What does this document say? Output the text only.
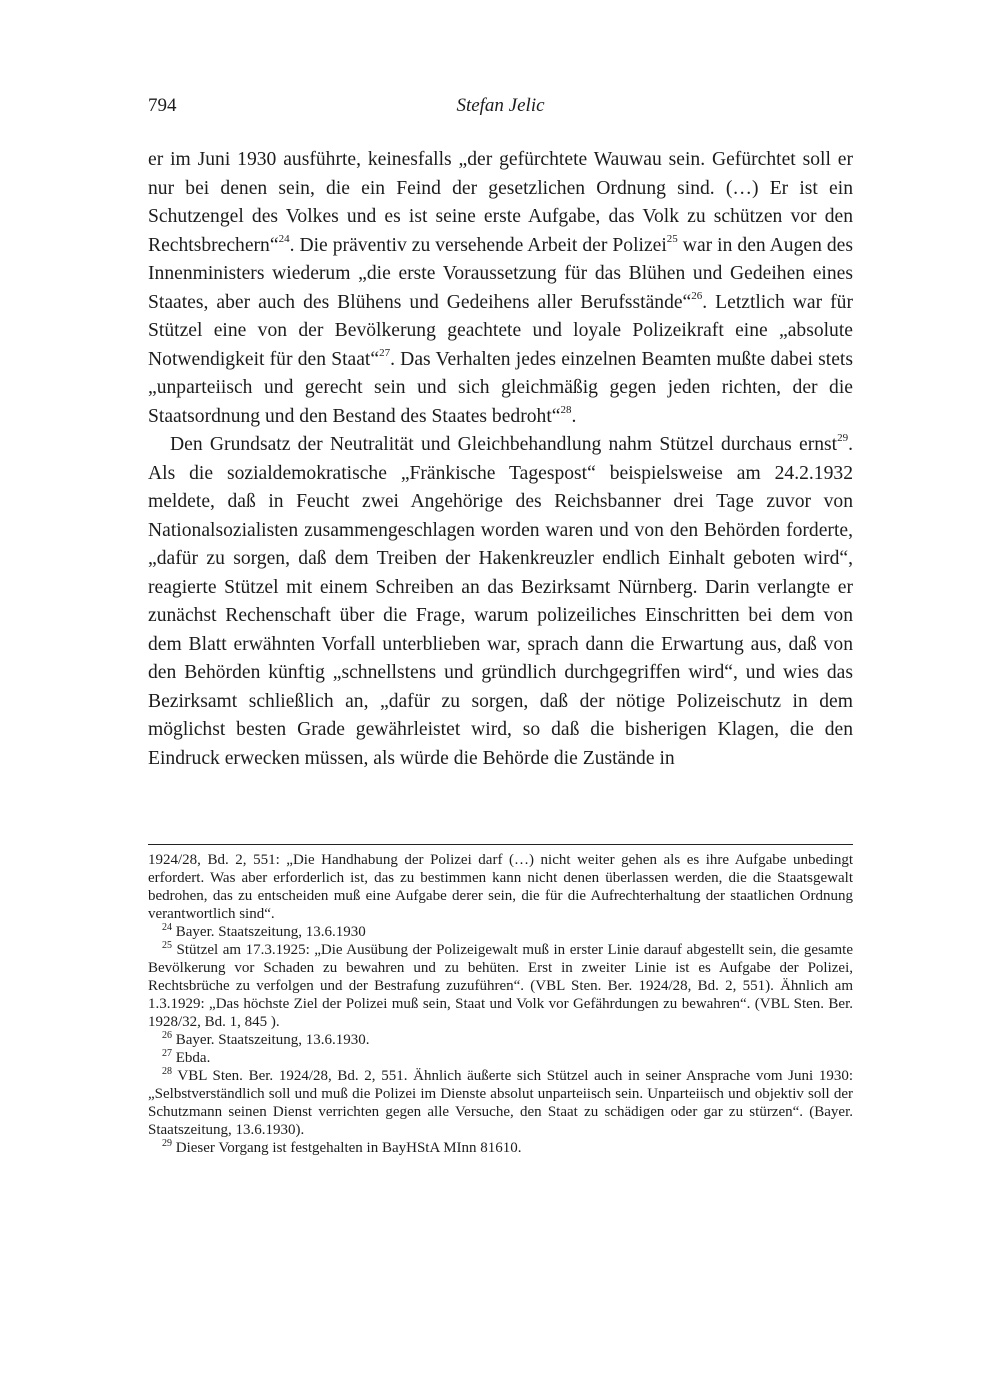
794	Stefan Jelic

er im Juni 1930 ausführte, keinesfalls „der gefürchtete Wauwau sein. Gefürchtet soll er nur bei denen sein, die ein Feind der gesetzlichen Ordnung sind. (…) Er ist ein Schutzengel des Volkes und es ist seine erste Aufgabe, das Volk zu schützen vor den Rechtsbrechern“$^{24}$. Die präventiv zu versehende Arbeit der Polizei$^{25}$ war in den Augen des Innenministers wiederum „die erste Voraussetzung für das Blühen und Gedeihen eines Staates, aber auch des Blühens und Gedeihens aller Berufsstände“$^{26}$. Letztlich war für Stützel eine von der Bevölkerung geachtete und loyale Polizeikraft eine „absolute Notwendigkeit für den Staat“$^{27}$. Das Verhalten jedes einzelnen Beamten mußte dabei stets „unparteiisch und gerecht sein und sich gleichmäßig gegen jeden richten, der die Staatsordnung und den Bestand des Staates bedroht“$^{28}$.

Den Grundsatz der Neutralität und Gleichbehandlung nahm Stützel durchaus ernst$^{29}$. Als die sozialdemokratische „Fränkische Tagespost“ beispielsweise am 24.2.1932 meldete, daß in Feucht zwei Angehörige des Reichsbanner drei Tage zuvor von Nationalsozialisten zusammengeschlagen worden waren und von den Behörden forderte, „dafür zu sorgen, daß dem Treiben der Hakenkreuzler endlich Einhalt geboten wird“, reagierte Stützel mit einem Schreiben an das Bezirksamt Nürnberg. Darin verlangte er zunächst Rechenschaft über die Frage, warum polizeiliches Einschritten bei dem von dem Blatt erwähnten Vorfall unterblieben war, sprach dann die Erwartung aus, daß von den Behörden künftig „schnellstens und gründlich durchgegriffen wird“, und wies das Bezirksamt schließlich an, „dafür zu sorgen, daß der nötige Polizeischutz in dem möglichst besten Grade gewährleistet wird, so daß die bisherigen Klagen, die den Eindruck erwecken müssen, als würde die Behörde die Zustände in

1924/28, Bd. 2, 551: „Die Handhabung der Polizei darf (…) nicht weiter gehen als es ihre Aufgabe unbedingt erfordert. Was aber erforderlich ist, das zu bestimmen kann nicht denen überlassen werden, die die Staatsgewalt bedrohen, das zu entscheiden muß eine Aufgabe derer sein, die für die Aufrechterhaltung der staatlichen Ordnung verantwortlich sind“.

$^{24}$ Bayer. Staatszeitung, 13.6.1930

$^{25}$ Stützel am 17.3.1925: „Die Ausübung der Polizeigewalt muß in erster Linie darauf abgestellt sein, die gesamte Bevölkerung vor Schaden zu bewahren und zu behüten. Erst in zweiter Linie ist es Aufgabe der Polizei, Rechtsbrüche zu verfolgen und der Bestrafung zuzuführen“. (VBL Sten. Ber. 1924/28, Bd. 2, 551). Ähnlich am 1.3.1929: „Das höchste Ziel der Polizei muß sein, Staat und Volk vor Gefährdungen zu bewahren“. (VBL Sten. Ber. 1928/32, Bd. 1, 845 ).

$^{26}$ Bayer. Staatszeitung, 13.6.1930.

$^{27}$ Ebda.

$^{28}$ VBL Sten. Ber. 1924/28, Bd. 2, 551. Ähnlich äußerte sich Stützel auch in seiner Ansprache vom Juni 1930: „Selbstverständlich soll und muß die Polizei im Dienste absolut unparteiisch sein. Unparteiisch und objektiv soll der Schutzmann seinen Dienst verrichten gegen alle Versuche, den Staat zu schädigen oder gar zu stürzen“. (Bayer. Staatszeitung, 13.6.1930).

$^{29}$ Dieser Vorgang ist festgehalten in BayHStA MInn 81610.
